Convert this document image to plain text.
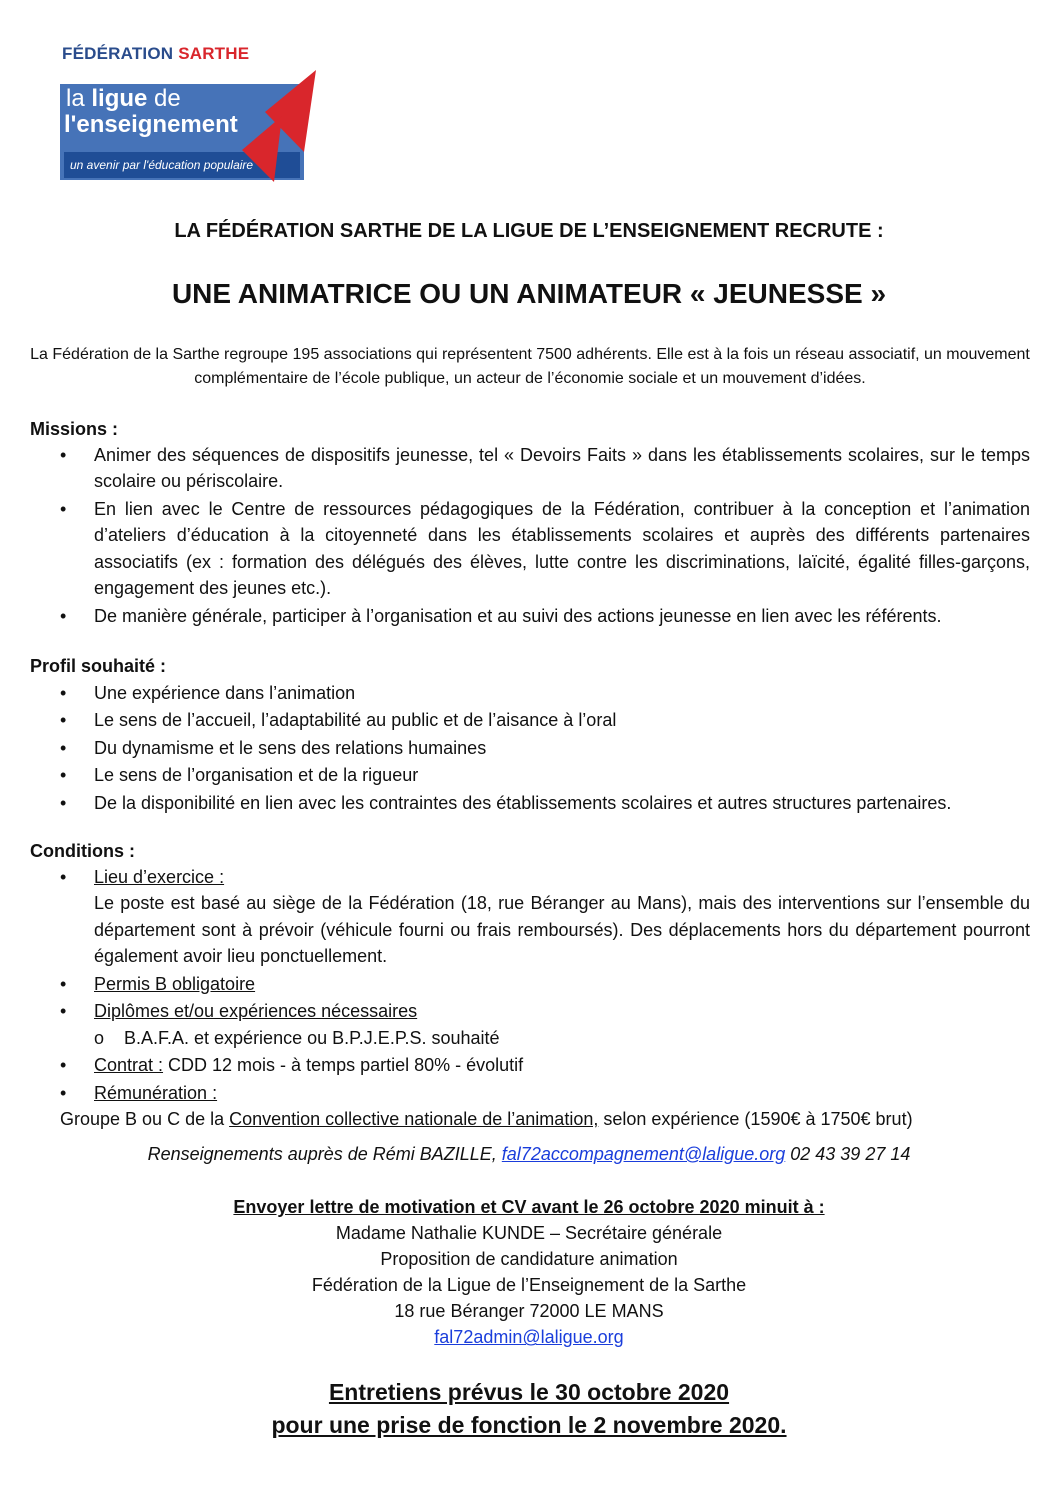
FÉDÉRATION SARTHE
la ligue de
l'enseignement
un avenir par l'éducation populaire
LA FÉDÉRATION SARTHE DE LA LIGUE DE L’ENSEIGNEMENT RECRUTE :
UNE ANIMATRICE OU UN ANIMATEUR « JEUNESSE »
La Fédération de la Sarthe regroupe 195 associations qui représentent 7500 adhérents. Elle est à la fois un réseau associatif, un mouvement complémentaire de l’école publique, un acteur de l’économie sociale et un mouvement d’idées.
Missions :
• Animer des séquences de dispositifs jeunesse, tel « Devoirs Faits » dans les établissements scolaires, sur le temps scolaire ou périscolaire.
• En lien avec le Centre de ressources pédagogiques de la Fédération, contribuer à la conception et l’animation d’ateliers d’éducation à la citoyenneté dans les établissements scolaires et auprès des différents partenaires associatifs (ex : formation des délégués des élèves, lutte contre les discriminations, laïcité, égalité filles-garçons, engagement des jeunes etc.).
• De manière générale, participer à l’organisation et au suivi des actions jeunesse en lien avec les référents.
Profil souhaité :
• Une expérience dans l’animation
• Le sens de l’accueil, l’adaptabilité au public et de l’aisance à l’oral
• Du dynamisme et le sens des relations humaines
• Le sens de l’organisation et de la rigueur
• De la disponibilité en lien avec les contraintes des établissements scolaires et autres structures partenaires.
Conditions :
• Lieu d’exercice :
Le poste est basé au siège de la Fédération (18, rue Béranger au Mans), mais des interventions sur l’ensemble du département sont à prévoir (véhicule fourni ou frais remboursés). Des déplacements hors du département pourront également avoir lieu ponctuellement.
• Permis B obligatoire
• Diplômes et/ou expériences nécessaires
o B.A.F.A. et expérience ou B.P.J.E.P.S. souhaité
• Contrat : CDD 12 mois - à temps partiel 80% - évolutif
• Rémunération :
Groupe B ou C de la Convention collective nationale de l’animation, selon expérience (1590€ à 1750€ brut)
Renseignements auprès de Rémi BAZILLE, fal72accompagnement@laligue.org 02 43 39 27 14
Envoyer lettre de motivation et CV avant le 26 octobre 2020 minuit à :
Madame Nathalie KUNDE – Secrétaire générale
Proposition de candidature animation
Fédération de la Ligue de l’Enseignement de la Sarthe
18 rue Béranger 72000 LE MANS
fal72admin@laligue.org
Entretiens prévus le 30 octobre 2020
pour une prise de fonction le 2 novembre 2020.
